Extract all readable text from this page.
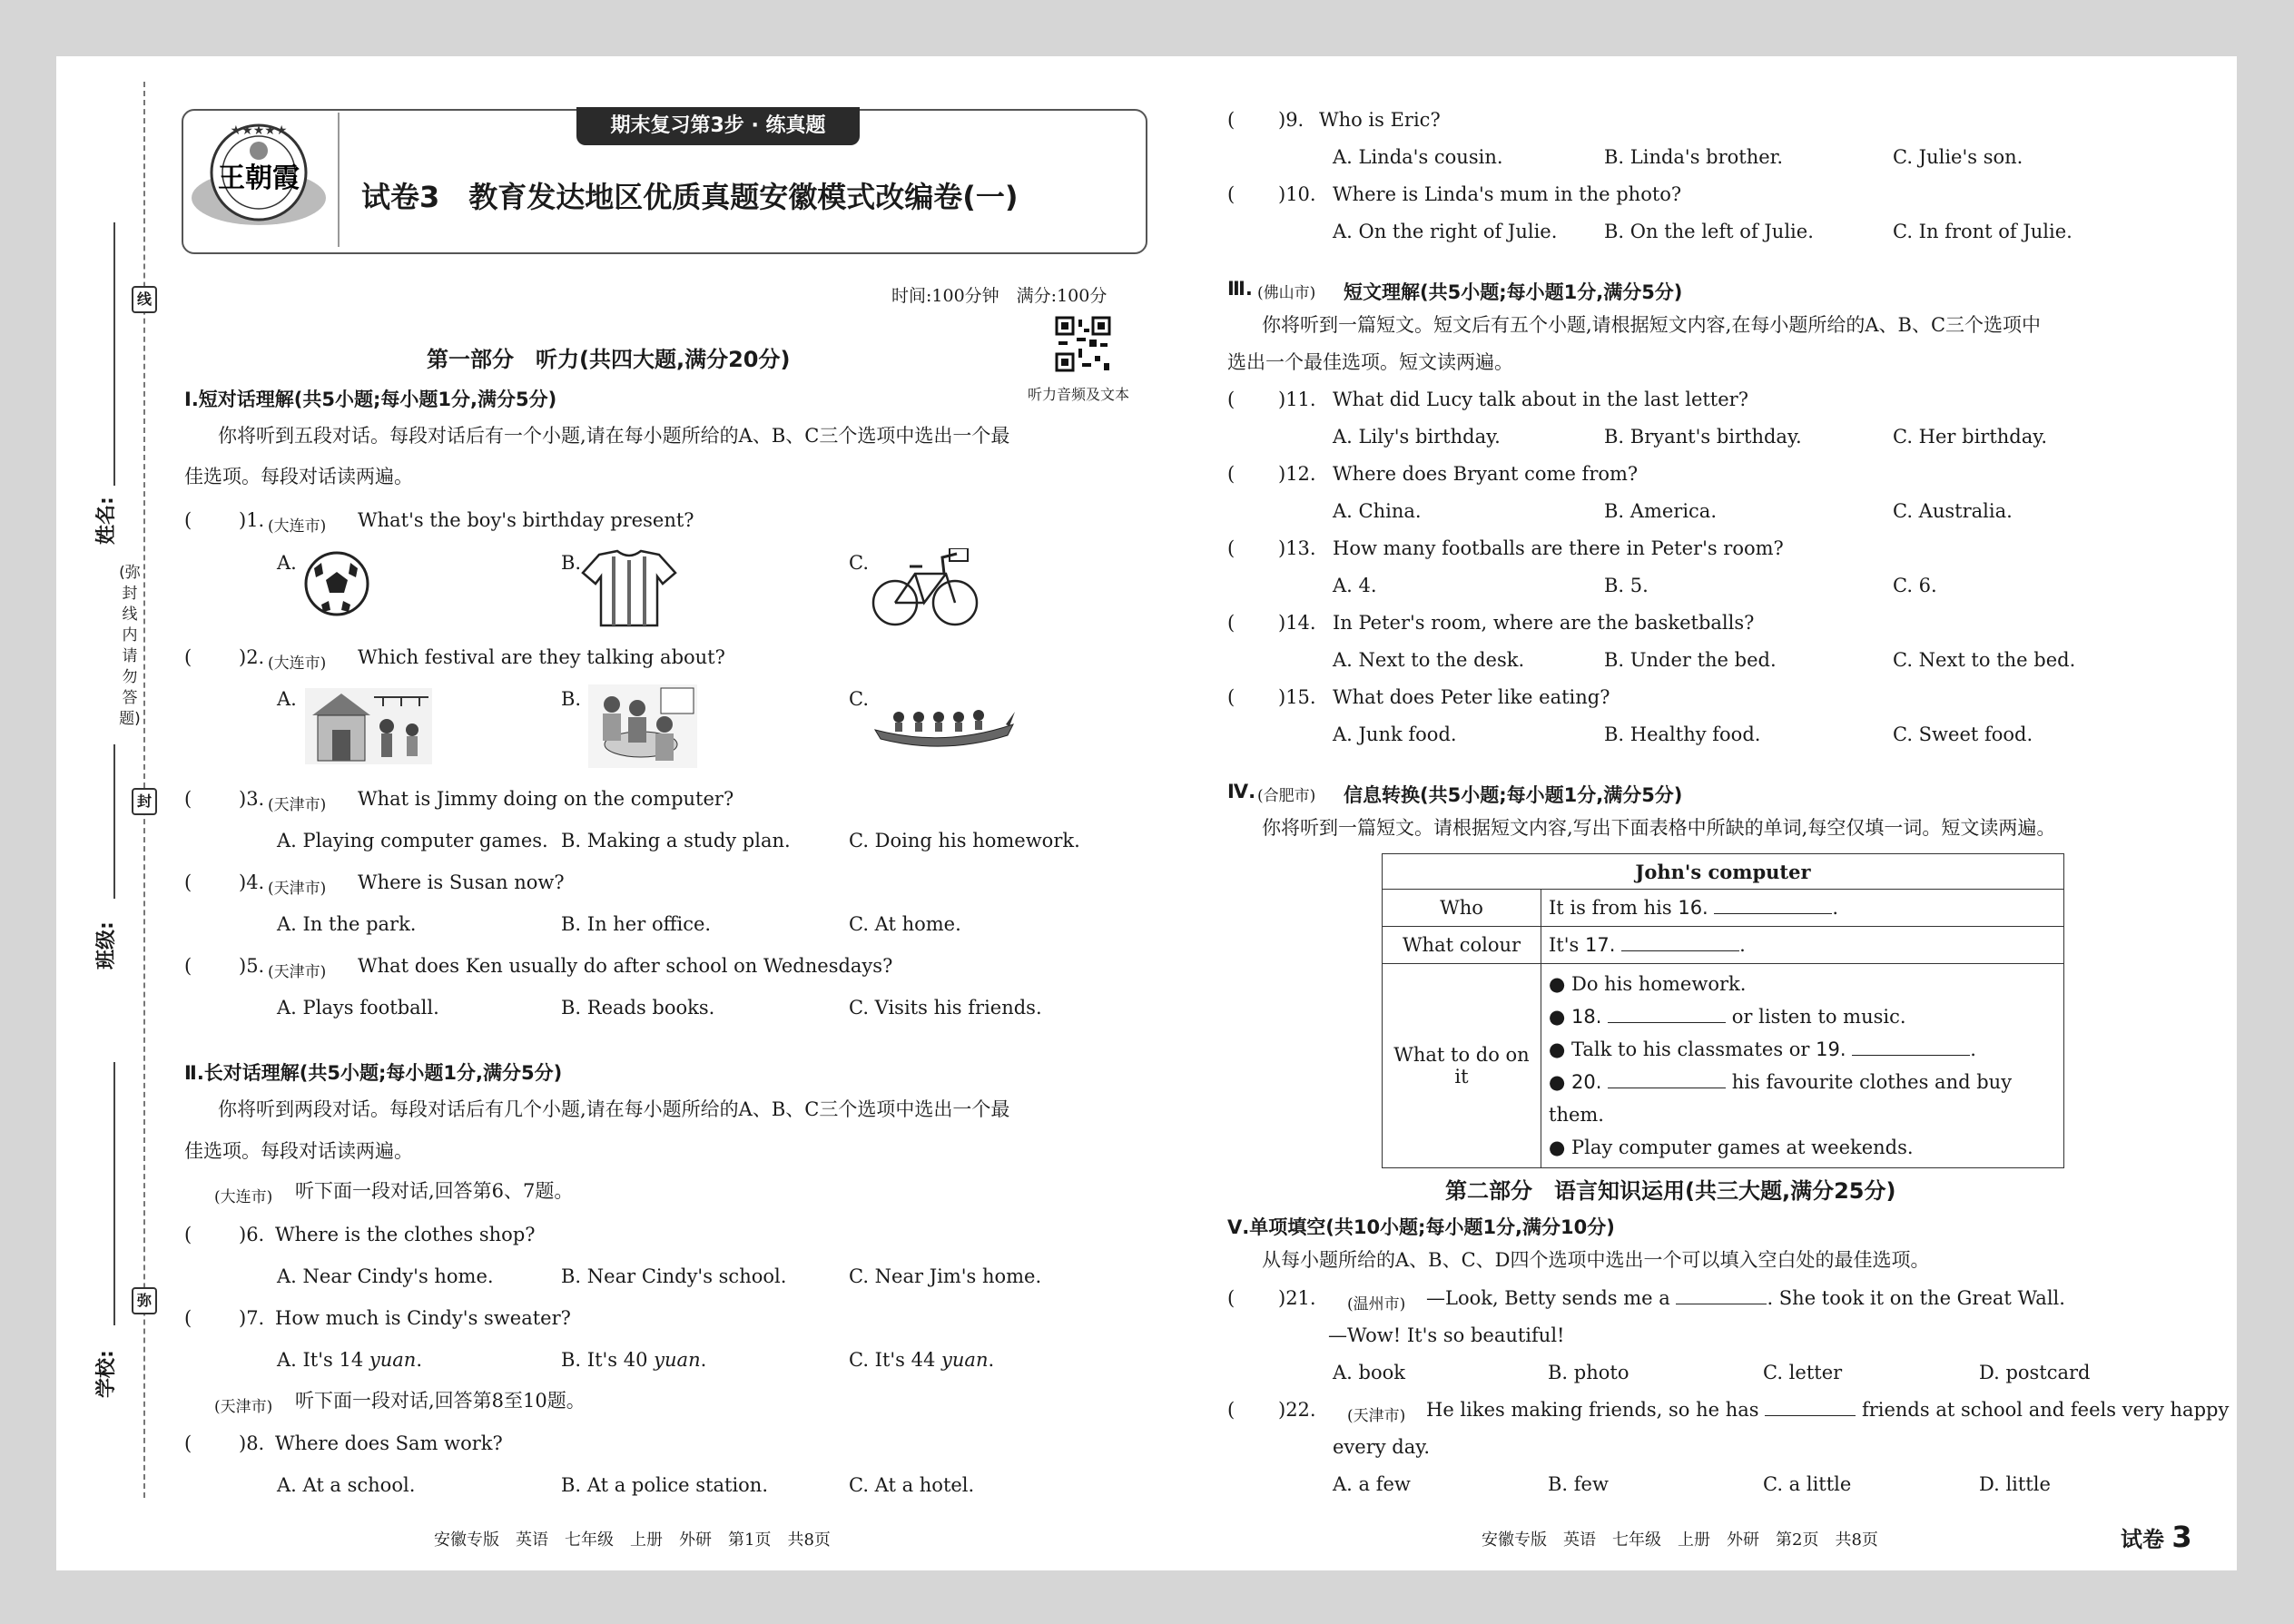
姓名:
班级:
学校:
线
封
弥
(弥封线内请勿答题)
期末复习第3步 · 练真题
★★★★★
王朝霞
试卷3　教育发达地区优质真题安徽模式改编卷(一)
时间:100分钟　满分:100分
听力音频及文本
第一部分　听力(共四大题,满分20分)
Ⅰ.短对话理解(共5小题;每小题1分,满分5分)
你将听到五段对话。每段对话后有一个小题,请在每小题所给的A、B、C三个选项中选出一个最
佳选项。每段对话读两遍。
( )1. (大连市) What's the boy's birthday present?
A.	B.	C.
( )2. (大连市) Which festival are they talking about?
A.	B.	C.
( )3. (天津市) What is Jimmy doing on the computer?
A. Playing computer games. B. Making a study plan.	C. Doing his homework.
( )4. (天津市) Where is Susan now?
A. In the park.	B. In her office.	C. At home.
( )5. (天津市) What does Ken usually do after school on Wednesdays?
A. Plays football.	B. Reads books.	C. Visits his friends.
Ⅱ.长对话理解(共5小题;每小题1分,满分5分)
你将听到两段对话。每段对话后有几个小题,请在每小题所给的A、B、C三个选项中选出一个最
佳选项。每段对话读两遍。
(大连市) 听下面一段对话,回答第6、7题。
( )6. Where is the clothes shop?
A. Near Cindy's home.	B. Near Cindy's school.	C. Near Jim's home.
( )7. How much is Cindy's sweater?
A. It's 14 yuan.	B. It's 40 yuan.	C. It's 44 yuan.
(天津市) 听下面一段对话,回答第8至10题。
( )8. Where does Sam work?
A. At a school.	B. At a police station.	C. At a hotel.
安徽专版　英语　七年级　上册　外研　第1页　共8页
( )9. Who is Eric?
A. Linda's cousin.	B. Linda's brother.	C. Julie's son.
( )10. Where is Linda's mum in the photo?
A. On the right of Julie. B. On the left of Julie.	C. In front of Julie.
Ⅲ. (佛山市) 短文理解(共5小题;每小题1分,满分5分)
你将听到一篇短文。短文后有五个小题,请根据短文内容,在每小题所给的A、B、C三个选项中
选出一个最佳选项。短文读两遍。
( )11. What did Lucy talk about in the last letter?
A. Lily's birthday.	B. Bryant's birthday.	C. Her birthday.
( )12. Where does Bryant come from?
A. China.	B. America.	C. Australia.
( )13. How many footballs are there in Peter's room?
A. 4.	B. 5.	C. 6.
( )14. In Peter's room, where are the basketballs?
A. Next to the desk.	B. Under the bed.	C. Next to the bed.
( )15. What does Peter like eating?
A. Junk food.	B. Healthy food.	C. Sweet food.
Ⅳ. (合肥市) 信息转换(共5小题;每小题1分,满分5分)
你将听到一篇短文。请根据短文内容,写出下面表格中所缺的单词,每空仅填一词。短文读两遍。
John's computer	
Who	It is from his 16. .
What colour	It's 17. .
What to do on it	● Do his homework.
● 18. or listen to music.
● Talk to his classmates or 19. .
● 20. his favourite clothes and buy them.
● Play computer games at weekends.
第二部分　语言知识运用(共三大题,满分25分)
Ⅴ.单项填空(共10小题;每小题1分,满分10分)
从每小题所给的A、B、C、D四个选项中选出一个可以填入空白处的最佳选项。
( )21. (温州市) —Look, Betty sends me a	. She took it on the Great Wall.
—Wow! It's so beautiful!
A. book	B. photo	C. letter	D. postcard
( )22. (天津市) He likes making friends, so he has	friends at school and feels very happy
every day.
A. a few	B. few	C. a little	D. little
安徽专版　英语　七年级　上册　外研　第2页　共8页	试卷 3
